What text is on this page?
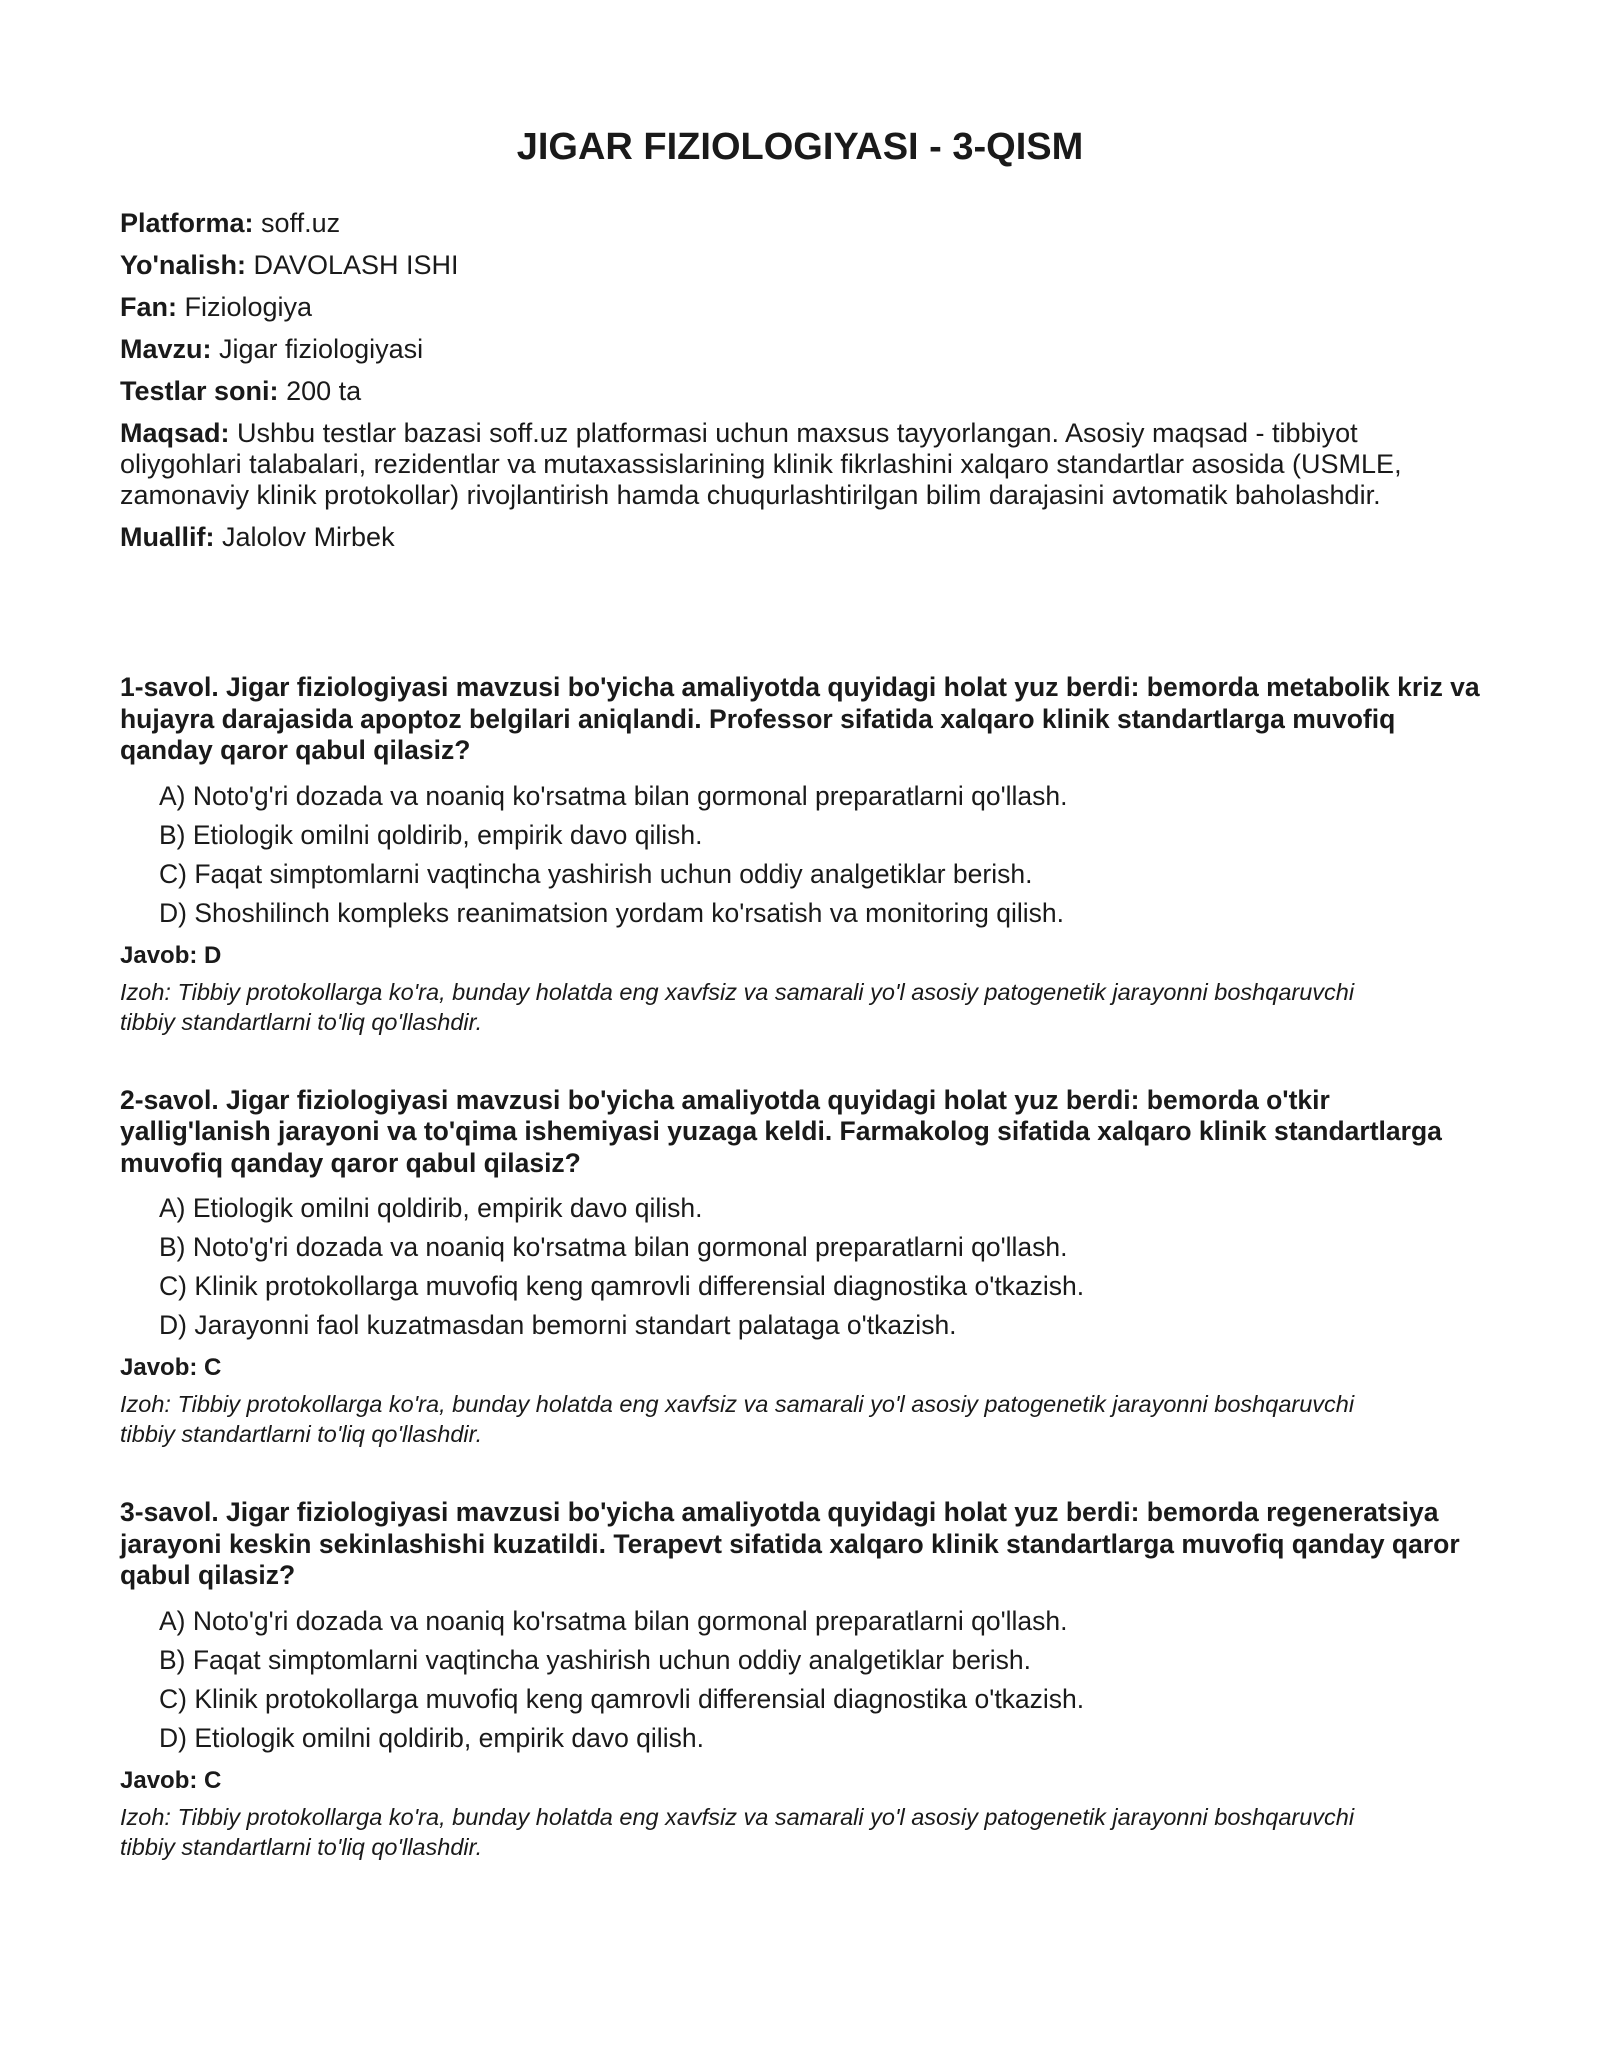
JIGAR FIZIOLOGIYASI - 3-QISM

Platforma: soff.uz

Yo'nalish: DAVOLASH ISHI

Fan: Fiziologiya

Mavzu: Jigar fiziologiyasi

Testlar soni: 200 ta

Maqsad: Ushbu testlar bazasi soff.uz platformasi uchun maxsus tayyorlangan. Asosiy maqsad - tibbiyot oliygohlari talabalari, rezidentlar va mutaxassislarining klinik fikrlashini xalqaro standartlar asosida (USMLE, zamonaviy klinik protokollar) rivojlantirish hamda chuqurlashtirilgan bilim darajasini avtomatik baholashdir.

Muallif: Jalolov Mirbek

1-savol. Jigar fiziologiyasi mavzusi bo'yicha amaliyotda quyidagi holat yuz berdi: bemorda metabolik kriz va hujayra darajasida apoptoz belgilari aniqlandi. Professor sifatida xalqaro klinik standartlarga muvofiq qanday qaror qabul qilasiz?

A) Noto'g'ri dozada va noaniq ko'rsatma bilan gormonal preparatlarni qo'llash.
B) Etiologik omilni qoldirib, empirik davo qilish.
C) Faqat simptomlarni vaqtincha yashirish uchun oddiy analgetiklar berish.
D) Shoshilinch kompleks reanimatsion yordam ko'rsatish va monitoring qilish.

Javob: D

Izoh: Tibbiy protokollarga ko'ra, bunday holatda eng xavfsiz va samarali yo'l asosiy patogenetik jarayonni boshqaruvchi tibbiy standartlarni to'liq qo'llashdir.

2-savol. Jigar fiziologiyasi mavzusi bo'yicha amaliyotda quyidagi holat yuz berdi: bemorda o'tkir yallig'lanish jarayoni va to'qima ishemiyasi yuzaga keldi. Farmakolog sifatida xalqaro klinik standartlarga muvofiq qanday qaror qabul qilasiz?

A) Etiologik omilni qoldirib, empirik davo qilish.
B) Noto'g'ri dozada va noaniq ko'rsatma bilan gormonal preparatlarni qo'llash.
C) Klinik protokollarga muvofiq keng qamrovli differensial diagnostika o'tkazish.
D) Jarayonni faol kuzatmasdan bemorni standart palataga o'tkazish.

Javob: C

Izoh: Tibbiy protokollarga ko'ra, bunday holatda eng xavfsiz va samarali yo'l asosiy patogenetik jarayonni boshqaruvchi tibbiy standartlarni to'liq qo'llashdir.

3-savol. Jigar fiziologiyasi mavzusi bo'yicha amaliyotda quyidagi holat yuz berdi: bemorda regeneratsiya jarayoni keskin sekinlashishi kuzatildi. Terapevt sifatida xalqaro klinik standartlarga muvofiq qanday qaror qabul qilasiz?

A) Noto'g'ri dozada va noaniq ko'rsatma bilan gormonal preparatlarni qo'llash.
B) Faqat simptomlarni vaqtincha yashirish uchun oddiy analgetiklar berish.
C) Klinik protokollarga muvofiq keng qamrovli differensial diagnostika o'tkazish.
D) Etiologik omilni qoldirib, empirik davo qilish.

Javob: C

Izoh: Tibbiy protokollarga ko'ra, bunday holatda eng xavfsiz va samarali yo'l asosiy patogenetik jarayonni boshqaruvchi tibbiy standartlarni to'liq qo'llashdir.
